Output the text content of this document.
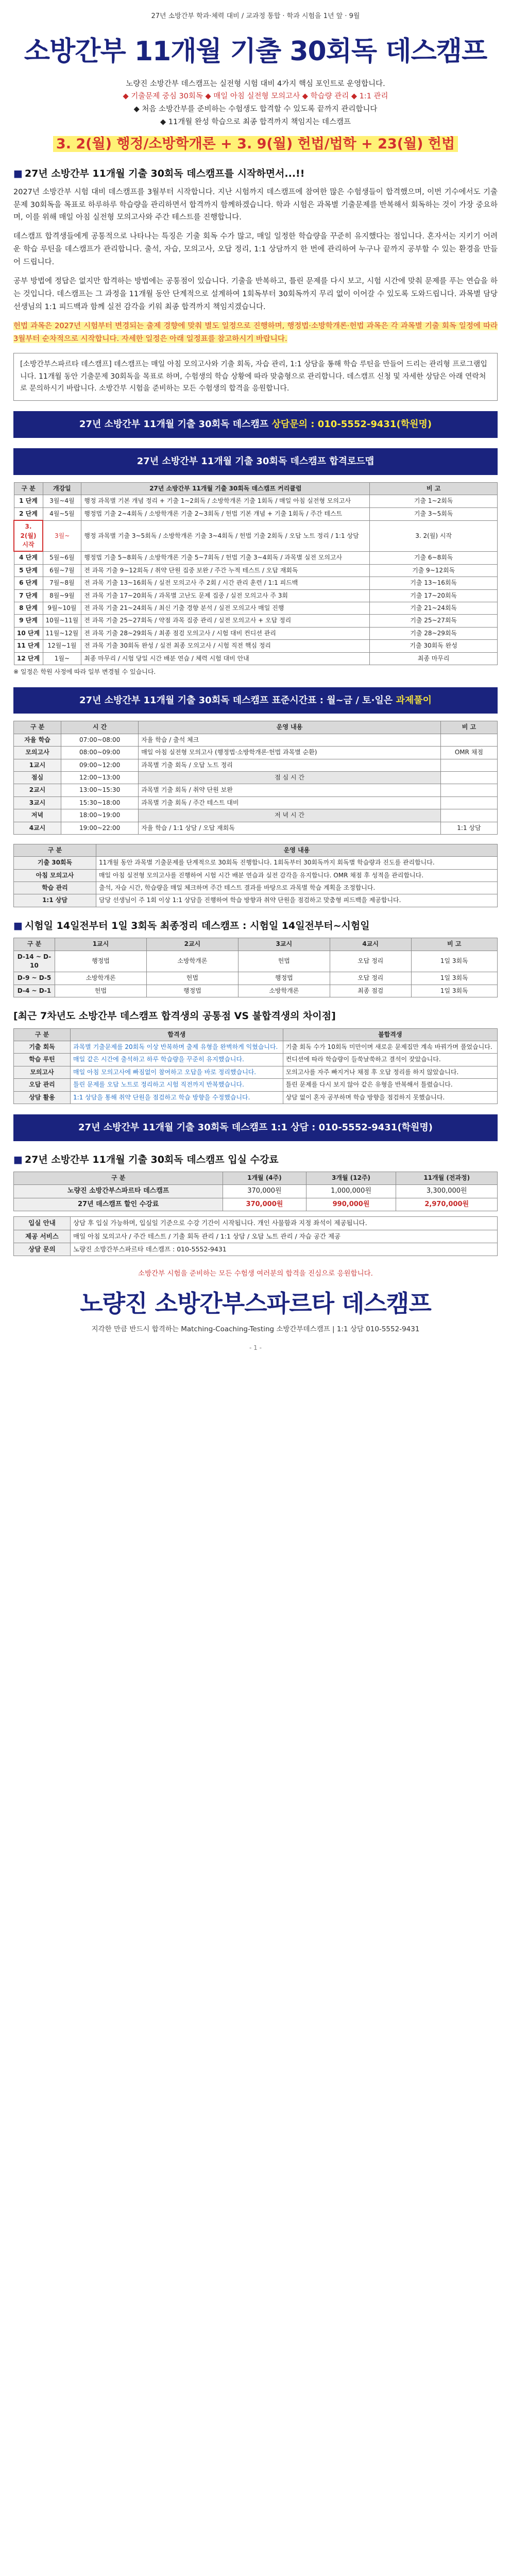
27년 소방간부 학과·체력 대비 / 교과정 통합 · 학과 시험을 1년 앞 · 9월
소방간부 11개월 기출 30회독 데스캠프
노량진 소방간부 데스캠프는 실전형 시험 대비 4가지 핵심 포인트로 운영합니다.
◆ 기출문제 중심 30회독 ◆ 매일 아침 실전형 모의고사 ◆ 학습량 관리 ◆ 1:1 관리
◆ 처음 소방간부를 준비하는 수험생도 합격할 수 있도록 끝까지 관리합니다
◆ 11개월 완성 학습으로 최종 합격까지 책임지는 데스캠프
3. 2(월) 행정/소방학개론 + 3. 9(월) 헌법/법학 + 23(월) 헌법
■ 27년 소방간부 11개월 기출 30회독 데스캠프를 시작하면서...!!

2027년 소방간부 시험 대비 데스캠프를 3월부터 시작합니다. 지난 시험까지 데스캠프에 참여한 많은 수험생들이 합격했으며, 이번 기수에서도 기출문제 30회독을 목표로 하루하루 학습량을 관리하면서 합격까지 함께하겠습니다. 학과 시험은 과목별 기출문제를 반복해서 회독하는 것이 가장 중요하며, 이를 위해 매일 아침 실전형 모의고사와 주간 테스트를 진행합니다.

데스캠프 합격생들에게 공통적으로 나타나는 특징은 기출 회독 수가 많고, 매일 일정한 학습량을 꾸준히 유지했다는 점입니다. 혼자서는 지키기 어려운 학습 루틴을 데스캠프가 관리합니다. 출석, 자습, 모의고사, 오답 정리, 1:1 상담까지 한 번에 관리하여 누구나 끝까지 공부할 수 있는 환경을 만들어 드립니다.

공부 방법에 정답은 없지만 합격하는 방법에는 공통점이 있습니다. 기출을 반복하고, 틀린 문제를 다시 보고, 시험 시간에 맞춰 문제를 푸는 연습을 하는 것입니다. 데스캠프는 그 과정을 11개월 동안 단계적으로 설계하여 1회독부터 30회독까지 무리 없이 이어갈 수 있도록 도와드립니다. 과목별 담당 선생님의 1:1 피드백과 함께 실전 감각을 키워 최종 합격까지 책임지겠습니다.

헌법 과목은 2027년 시험부터 변경되는 출제 경향에 맞춰 별도 일정으로 진행하며, 행정법·소방학개론·헌법 과목은 각 과목별 기출 회독 일정에 따라 3월부터 순차적으로 시작합니다. 자세한 일정은 아래 일정표를 참고하시기 바랍니다.

[소방간부스파르타 데스캠프] 데스캠프는 매일 아침 모의고사와 기출 회독, 자습 관리, 1:1 상담을 통해 학습 루틴을 만들어 드리는 관리형 프로그램입니다. 11개월 동안 기출문제 30회독을 목표로 하며, 수험생의 학습 상황에 따라 맞춤형으로 관리합니다. 데스캠프 신청 및 자세한 상담은 아래 연락처로 문의하시기 바랍니다. 소방간부 시험을 준비하는 모든 수험생의 합격을 응원합니다.
27년 소방간부 11개월 기출 30회독 데스캠프 상담문의 : 010-5552-9431(학원명)
27년 소방간부 11개월 기출 30회독 데스캠프 합격로드맵
구 분	개강일	27년 소방간부 11개월 기출 30회독 데스캠프 커리큘럼	비 고
1 단계	3월~4월	행정 과목별 기본 개념 정리 + 기출 1~2회독 / 소방학개론 기출 1회독 / 매일 아침 실전형 모의고사	기출 1~2회독
2 단계	4월~5월	행정법 기출 2~4회독 / 소방학개론 기출 2~3회독 / 헌법 기본 개념 + 기출 1회독 / 주간 테스트	기출 3~5회독
3. 2(월) 시작	3월~	행정 과목별 기출 3~5회독 / 소방학개론 기출 3~4회독 / 헌법 기출 2회독 / 오답 노트 정리 / 1:1 상담	3. 2(월) 시작
4 단계	5월~6월	행정법 기출 5~8회독 / 소방학개론 기출 5~7회독 / 헌법 기출 3~4회독 / 과목별 실전 모의고사	기출 6~8회독
5 단계	6월~7월	전 과목 기출 9~12회독 / 취약 단원 집중 보완 / 주간 누적 테스트 / 오답 재회독	기출 9~12회독
6 단계	7월~8월	전 과목 기출 13~16회독 / 실전 모의고사 주 2회 / 시간 관리 훈련 / 1:1 피드백	기출 13~16회독
7 단계	8월~9월	전 과목 기출 17~20회독 / 과목별 고난도 문제 집중 / 실전 모의고사 주 3회	기출 17~20회독
8 단계	9월~10월	전 과목 기출 21~24회독 / 최신 기출 경향 분석 / 실전 모의고사 매일 진행	기출 21~24회독
9 단계	10월~11월	전 과목 기출 25~27회독 / 약점 과목 집중 관리 / 실전 모의고사 + 오답 정리	기출 25~27회독
10 단계	11월~12월	전 과목 기출 28~29회독 / 최종 점검 모의고사 / 시험 대비 컨디션 관리	기출 28~29회독
11 단계	12월~1월	전 과목 기출 30회독 완성 / 실전 최종 모의고사 / 시험 직전 핵심 정리	기출 30회독 완성
12 단계	1월~	최종 마무리 / 시험 당일 시간 배분 연습 / 체력 시험 대비 안내	최종 마무리
※ 일정은 학원 사정에 따라 일부 변경될 수 있습니다.
27년 소방간부 11개월 기출 30회독 데스캠프 표준시간표 : 월~금 / 토·일은 과제풀이
구 분	시 간	운영 내용	비 고
자율 학습	07:00~08:00	자율 학습 / 출석 체크	
모의고사	08:00~09:00	매일 아침 실전형 모의고사 (행정법·소방학개론·헌법 과목별 순환)	OMR 채점
1교시	09:00~12:00	과목별 기출 회독 / 오답 노트 정리	
점심	12:00~13:00	점 심 시 간	
2교시	13:00~15:30	과목별 기출 회독 / 취약 단원 보완	
3교시	15:30~18:00	과목별 기출 회독 / 주간 테스트 대비	
저녁	18:00~19:00	저 녁 시 간	
4교시	19:00~22:00	자율 학습 / 1:1 상담 / 오답 재회독	1:1 상담
구 분	운영 내용
기출 30회독	11개월 동안 과목별 기출문제를 단계적으로 30회독 진행합니다. 1회독부터 30회독까지 회독별 학습량과 진도를 관리합니다.
아침 모의고사	매일 아침 실전형 모의고사를 진행하여 시험 시간 배분 연습과 실전 감각을 유지합니다. OMR 채점 후 성적을 관리합니다.
학습 관리	출석, 자습 시간, 학습량을 매일 체크하며 주간 테스트 결과를 바탕으로 과목별 학습 계획을 조정합니다.
1:1 상담	담당 선생님이 주 1회 이상 1:1 상담을 진행하여 학습 방향과 취약 단원을 점검하고 맞춤형 피드백을 제공합니다.
■ 시험일 14일전부터 1일 3회독 최종정리 데스캠프 : 시험일 14일전부터~시험일
구 분	1교시	2교시	3교시	4교시	비 고
D-14 ~ D-10	행정법	소방학개론	헌법	오답 정리	1일 3회독
D-9 ~ D-5	소방학개론	헌법	행정법	오답 정리	1일 3회독
D-4 ~ D-1	헌법	행정법	소방학개론	최종 점검	1일 3회독
[최근 7차년도 소방간부 데스캠프 합격생의 공통점 VS 불합격생의 차이점]
구 분	합격생	불합격생
기출 회독	과목별 기출문제를 20회독 이상 반복하며 출제 유형을 완벽하게 익혔습니다.	기출 회독 수가 10회독 미만이며 새로운 문제집만 계속 바꿔가며 풀었습니다.
학습 루틴	매일 같은 시간에 출석하고 하루 학습량을 꾸준히 유지했습니다.	컨디션에 따라 학습량이 들쑥날쑥하고 결석이 잦았습니다.
모의고사	매일 아침 모의고사에 빠짐없이 참여하고 오답을 바로 정리했습니다.	모의고사를 자주 빠지거나 채점 후 오답 정리를 하지 않았습니다.
오답 관리	틀린 문제를 오답 노트로 정리하고 시험 직전까지 반복했습니다.	틀린 문제를 다시 보지 않아 같은 유형을 반복해서 틀렸습니다.
상담 활용	1:1 상담을 통해 취약 단원을 점검하고 학습 방향을 수정했습니다.	상담 없이 혼자 공부하며 학습 방향을 점검하지 못했습니다.
27년 소방간부 11개월 기출 30회독 데스캠프 1:1 상담 : 010-5552-9431(학원명)
■ 27년 소방간부 11개월 기출 30회독 데스캠프 입실 수강료
구 분	1개월 (4주)	3개월 (12주)	11개월 (전과정)
노량진 소방간부스파르타 데스캠프	370,000원	1,000,000원	3,300,000원
27년 데스캠프 할인 수강료	370,000원	990,000원	2,970,000원
입실 안내	상담 후 입실 가능하며, 입실일 기준으로 수강 기간이 시작됩니다. 개인 사물함과 지정 좌석이 제공됩니다.
제공 서비스	매일 아침 모의고사 / 주간 테스트 / 기출 회독 관리 / 1:1 상담 / 오답 노트 관리 / 자습 공간 제공
상담 문의	노량진 소방간부스파르타 데스캠프 : 010-5552-9431
소방간부 시험을 준비하는 모든 수험생 여러분의 합격을 진심으로 응원합니다.
노량진 소방간부스파르타 데스캠프
지각한 만큼 반드시 합격하는 Matching-Coaching-Testing 소방간부데스캠프 | 1:1 상담 010-5552-9431
- 1 -
